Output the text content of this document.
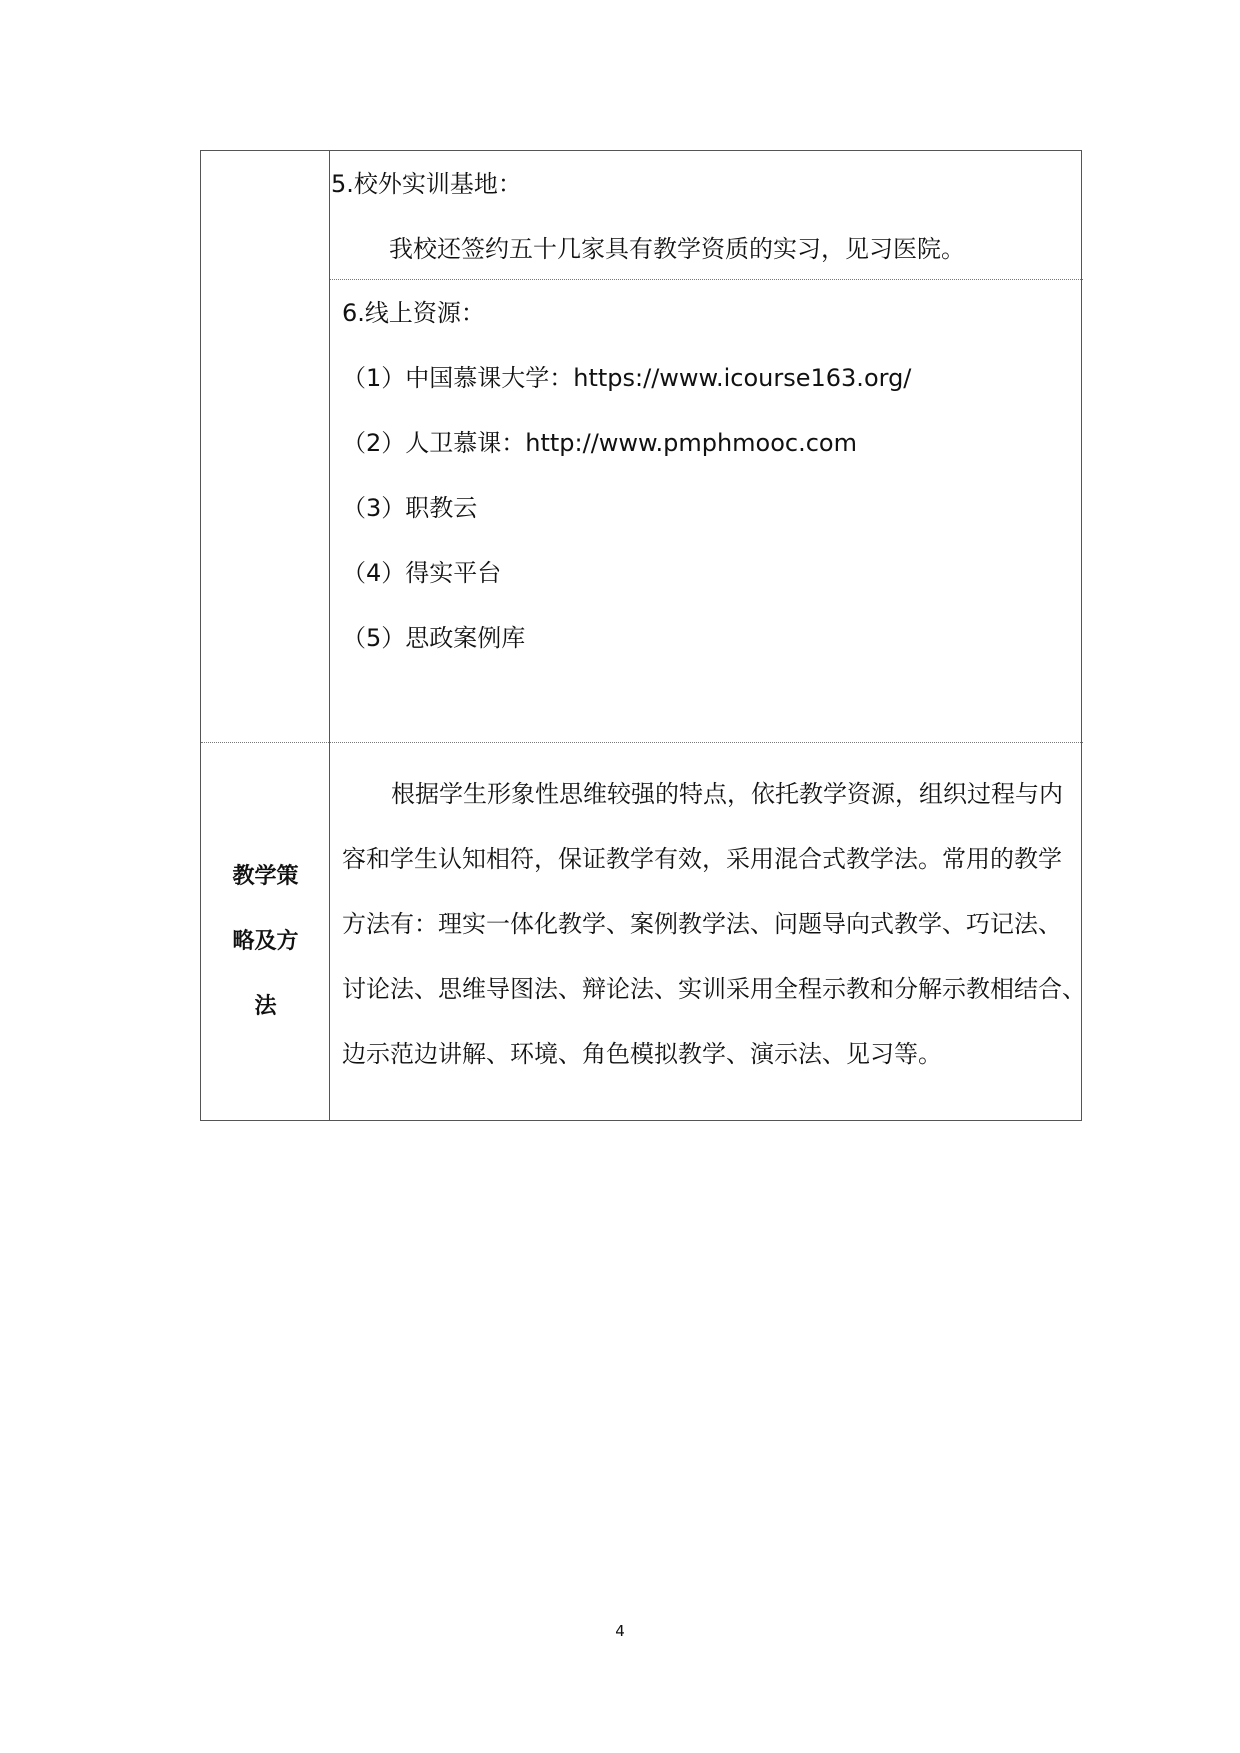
5.校外实训基地：
我校还签约五十几家具有教学资质的实习，见习医院。
6.线上资源：
（1）中国慕课大学：https://www.icourse163.org/
（2）人卫慕课：http://www.pmphmooc.com
（3）职教云
（4）得实平台
（5）思政案例库
教学策
略及方
法
根据学生形象性思维较强的特点，依托教学资源，组织过程与内
容和学生认知相符，保证教学有效，采用混合式教学法。常用的教学
方法有：理实一体化教学、案例教学法、问题导向式教学、巧记法、
讨论法、思维导图法、辩论法、实训采用全程示教和分解示教相结合、
边示范边讲解、环境、角色模拟教学、演示法、见习等。
4
